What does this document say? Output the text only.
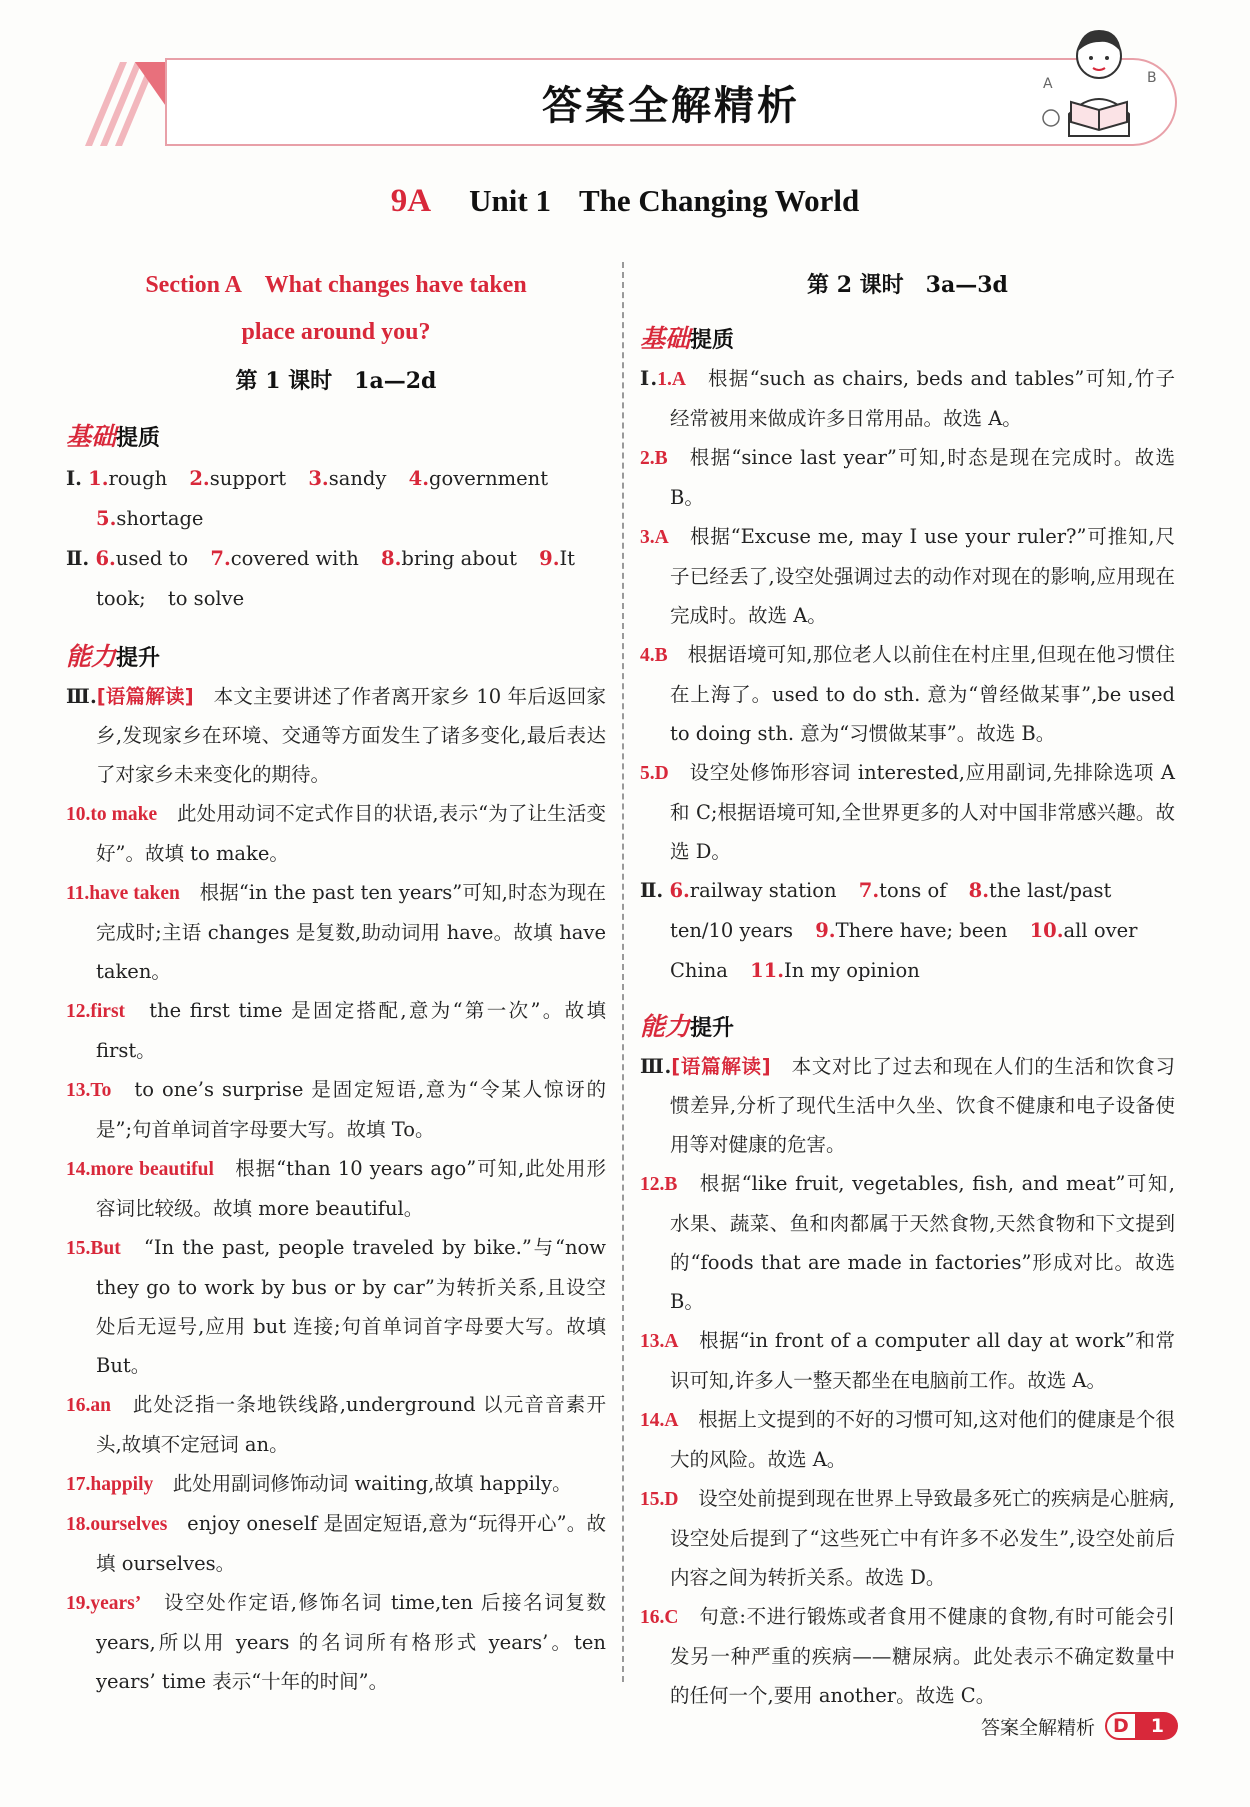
答案全解精析	A	B
9A Unit 1 The Changing World
Section A　What changes have taken
place around you?
第 1 课时　1a—2d
基础提质
Ⅰ. 1.rough 2.support 3.sandy 4.government 5.shortage
Ⅱ. 6.used to 7.covered with 8.bring about 9.It took; to solve
能力提升
Ⅲ.[语篇解读]　 本文主要讲述了作者离开家乡 10 年后返回家乡,发现家乡在环境、交通等方面发生了诸多变化,最后表达了对家乡未来变化的期待。
10.to make　 此处用动词不定式作目的状语,表示“为了让生活变好”。故填 to make。
11.have taken　 根据“in the past ten years”可知,时态为现在完成时;主语 changes 是复数,助动词用 have。故填 have taken。
12.first　 the first time 是固定搭配,意为“第一次”。故填 first。
13.To　 to one’s surprise 是固定短语,意为“令某人惊讶的是”;句首单词首字母要大写。故填 To。
14.more beautiful　 根据“than 10 years ago”可知,此处用形容词比较级。故填 more beautiful。
15.But　 “In the past, people traveled by bike.”与“now they go to work by bus or by car”为转折关系,且设空处后无逗号,应用 but 连接;句首单词首字母要大写。故填 But。
16.an　 此处泛指一条地铁线路,underground 以元音音素开头,故填不定冠词 an。
17.happily　 此处用副词修饰动词 waiting,故填 happily。
18.ourselves　 enjoy oneself 是固定短语,意为“玩得开心”。故填 ourselves。
19.years’　 设空处作定语,修饰名词 time,ten 后接名词复数 years,所以用 years 的名词所有格形式 years’。ten years’ time 表示“十年的时间”。
第 2 课时　3a—3d
基础提质
Ⅰ.1.A　 根据“such as chairs, beds and tables”可知,竹子经常被用来做成许多日常用品。故选 A。
2.B　 根据“since last year”可知,时态是现在完成时。故选 B。
3.A　 根据“Excuse me, may I use your ruler?”可推知,尺子已经丢了,设空处强调过去的动作对现在的影响,应用现在完成时。故选 A。
4.B　 根据语境可知,那位老人以前住在村庄里,但现在他习惯住在上海了。used to do sth. 意为“曾经做某事”,be used to doing sth. 意为“习惯做某事”。故选 B。
5.D　 设空处修饰形容词 interested,应用副词,先排除选项 A 和 C;根据语境可知,全世界更多的人对中国非常感兴趣。故选 D。
Ⅱ. 6.railway station 7.tons of 8.the last/past ten/10 years 9.There have; been 10.all over China 11.In my opinion
能力提升
Ⅲ.[语篇解读]　 本文对比了过去和现在人们的生活和饮食习惯差异,分析了现代生活中久坐、饮食不健康和电子设备使用等对健康的危害。
12.B　 根据“like fruit, vegetables, fish, and meat”可知,水果、蔬菜、鱼和肉都属于天然食物,天然食物和下文提到的“foods that are made in factories”形成对比。故选 B。
13.A　 根据“in front of a computer all day at work”和常识可知,许多人一整天都坐在电脑前工作。故选 A。
14.A　 根据上文提到的不好的习惯可知,这对他们的健康是个很大的风险。故选 A。
15.D　 设空处前提到现在世界上导致最多死亡的疾病是心脏病,设空处后提到了“这些死亡中有许多不必发生”,设空处前后内容之间为转折关系。故选 D。
16.C　 句意:不进行锻炼或者食用不健康的食物,有时可能会引发另一种严重的疾病——糖尿病。此处表示不确定数量中的任何一个,要用 another。故选 C。
答案全解精析 D	1
